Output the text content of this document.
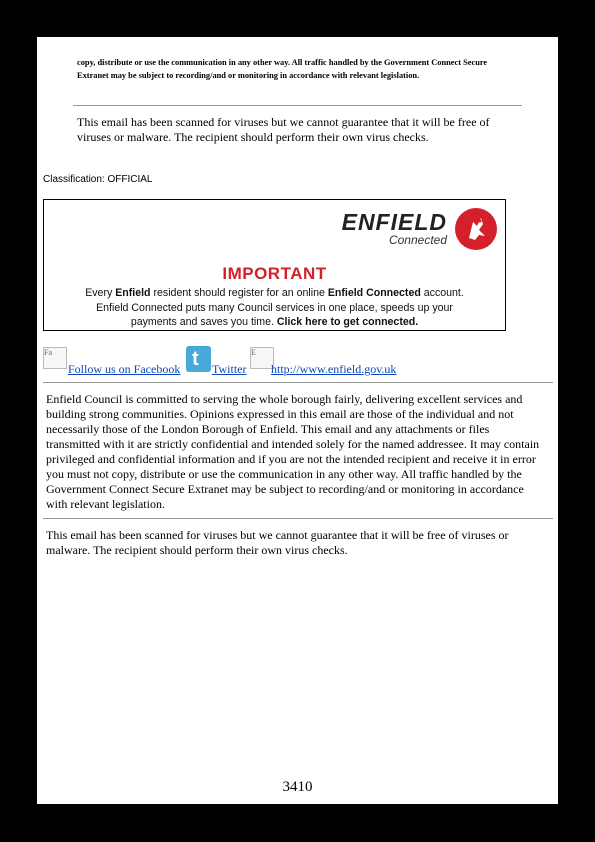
copy, distribute or use the communication in any other way. All traffic handled by the Government Connect Secure Extranet may be subject to recording/and or monitoring in accordance with relevant legislation.
This email has been scanned for viruses but we cannot guarantee that it will be free of viruses or malware. The recipient should perform their own virus checks.
Classification: OFFICIAL
ENFIELD
Connected
IMPORTANT
Every Enfield resident should register for an online Enfield Connected account.
Enfield Connected puts many Council services in one place, speeds up your
payments and saves you time. Click here to get connected.
Fa
Follow us on Facebook t Twitter
E
http://www.enfield.gov.uk
Enfield Council is committed to serving the whole borough fairly, delivering excellent services and building strong communities. Opinions expressed in this email are those of the individual and not necessarily those of the London Borough of Enfield. This email and any attachments or files transmitted with it are strictly confidential and intended solely for the named addressee. It may contain privileged and confidential information and if you are not the intended recipient and receive it in error you must not copy, distribute or use the communication in any other way. All traffic handled by the Government Connect Secure Extranet may be subject to recording/and or monitoring in accordance with relevant legislation.
This email has been scanned for viruses but we cannot guarantee that it will be free of viruses or malware. The recipient should perform their own virus checks.
3410
